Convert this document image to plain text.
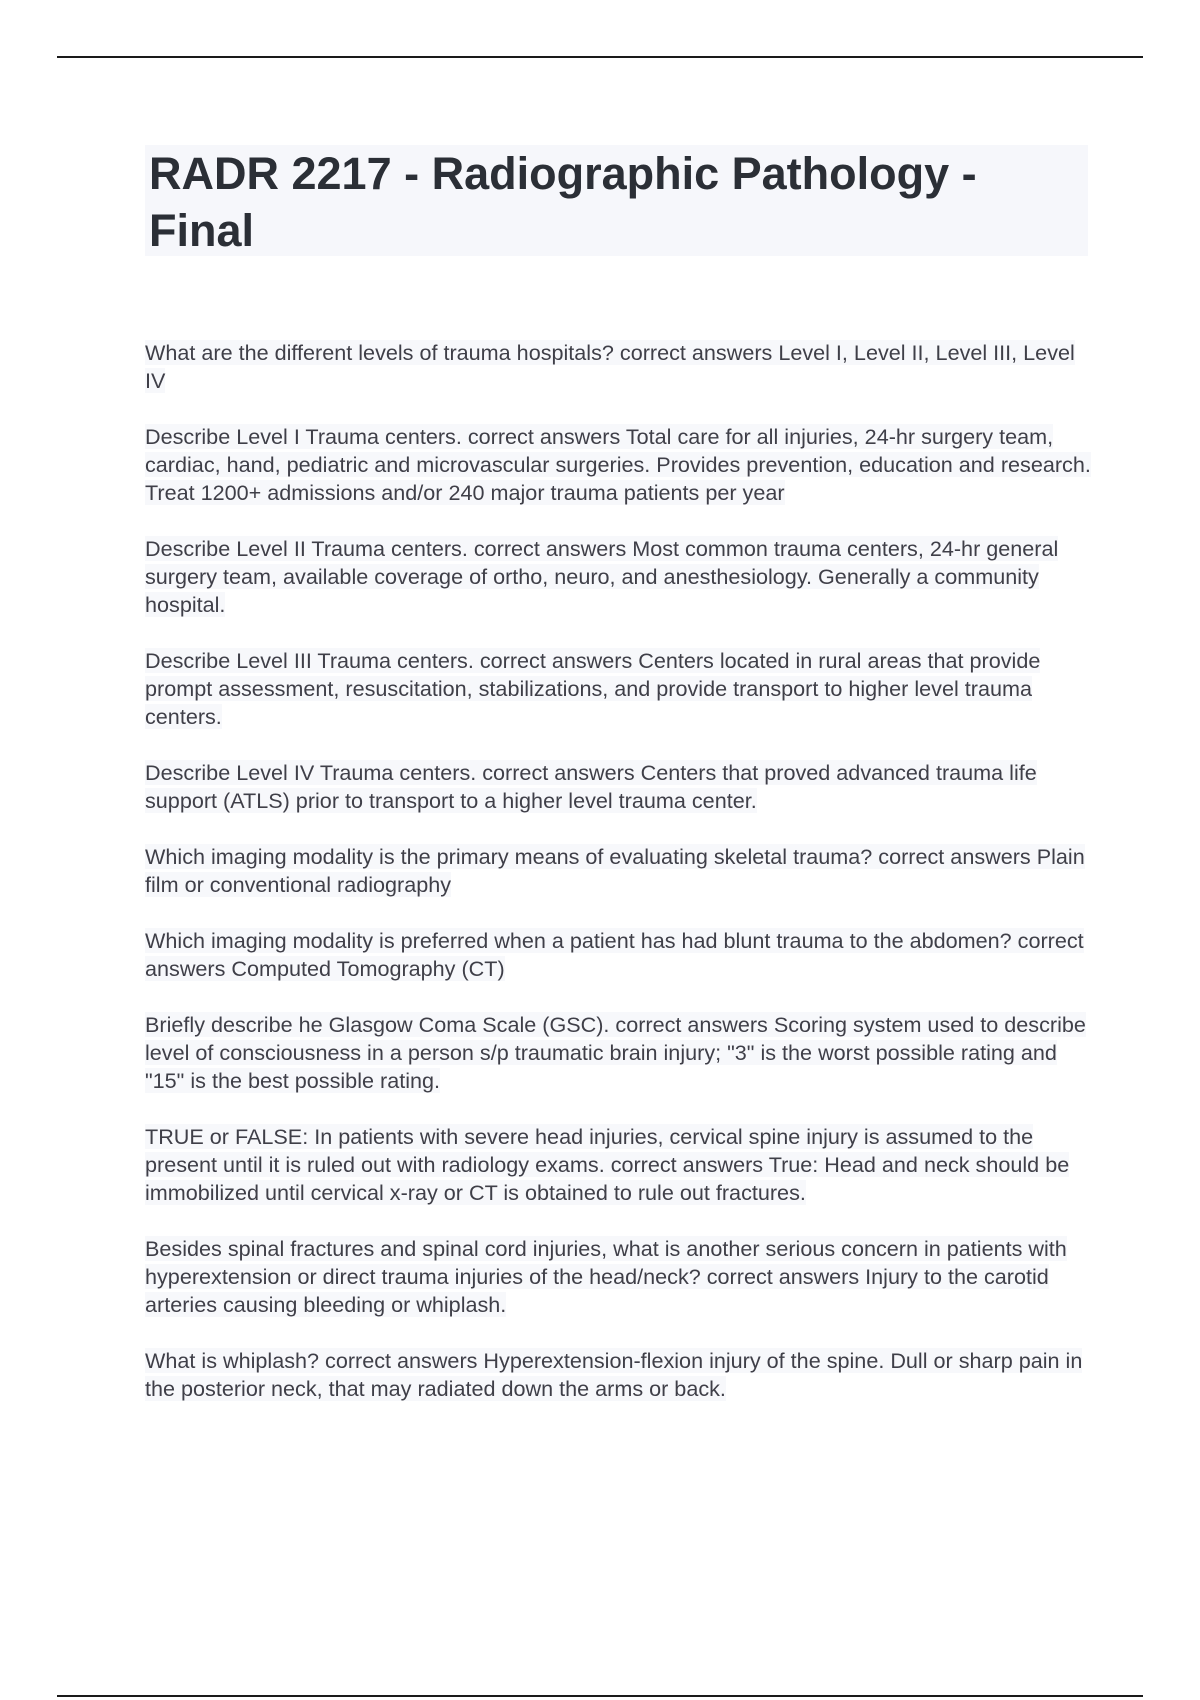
RADR 2217 - Radiographic Pathology - Final

What are the different levels of trauma hospitals? correct answers Level I, Level II, Level III, Level IV

Describe Level I Trauma centers. correct answers Total care for all injuries, 24-hr surgery team, cardiac, hand, pediatric and microvascular surgeries. Provides prevention, education and research. Treat 1200+ admissions and/or 240 major trauma patients per year

Describe Level II Trauma centers. correct answers Most common trauma centers, 24-hr general surgery team, available coverage of ortho, neuro, and anesthesiology. Generally a community hospital.

Describe Level III Trauma centers. correct answers Centers located in rural areas that provide prompt assessment, resuscitation, stabilizations, and provide transport to higher level trauma centers.

Describe Level IV Trauma centers. correct answers Centers that proved advanced trauma life support (ATLS) prior to transport to a higher level trauma center.

Which imaging modality is the primary means of evaluating skeletal trauma? correct answers Plain film or conventional radiography

Which imaging modality is preferred when a patient has had blunt trauma to the abdomen? correct answers Computed Tomography (CT)

Briefly describe he Glasgow Coma Scale (GSC). correct answers Scoring system used to describe level of consciousness in a person s/p traumatic brain injury; "3" is the worst possible rating and "15" is the best possible rating.

TRUE or FALSE: In patients with severe head injuries, cervical spine injury is assumed to the present until it is ruled out with radiology exams. correct answers True: Head and neck should be immobilized until cervical x-ray or CT is obtained to rule out fractures.

Besides spinal fractures and spinal cord injuries, what is another serious concern in patients with hyperextension or direct trauma injuries of the head/neck? correct answers Injury to the carotid arteries causing bleeding or whiplash.

What is whiplash? correct answers Hyperextension-flexion injury of the spine. Dull or sharp pain in the posterior neck, that may radiated down the arms or back.
